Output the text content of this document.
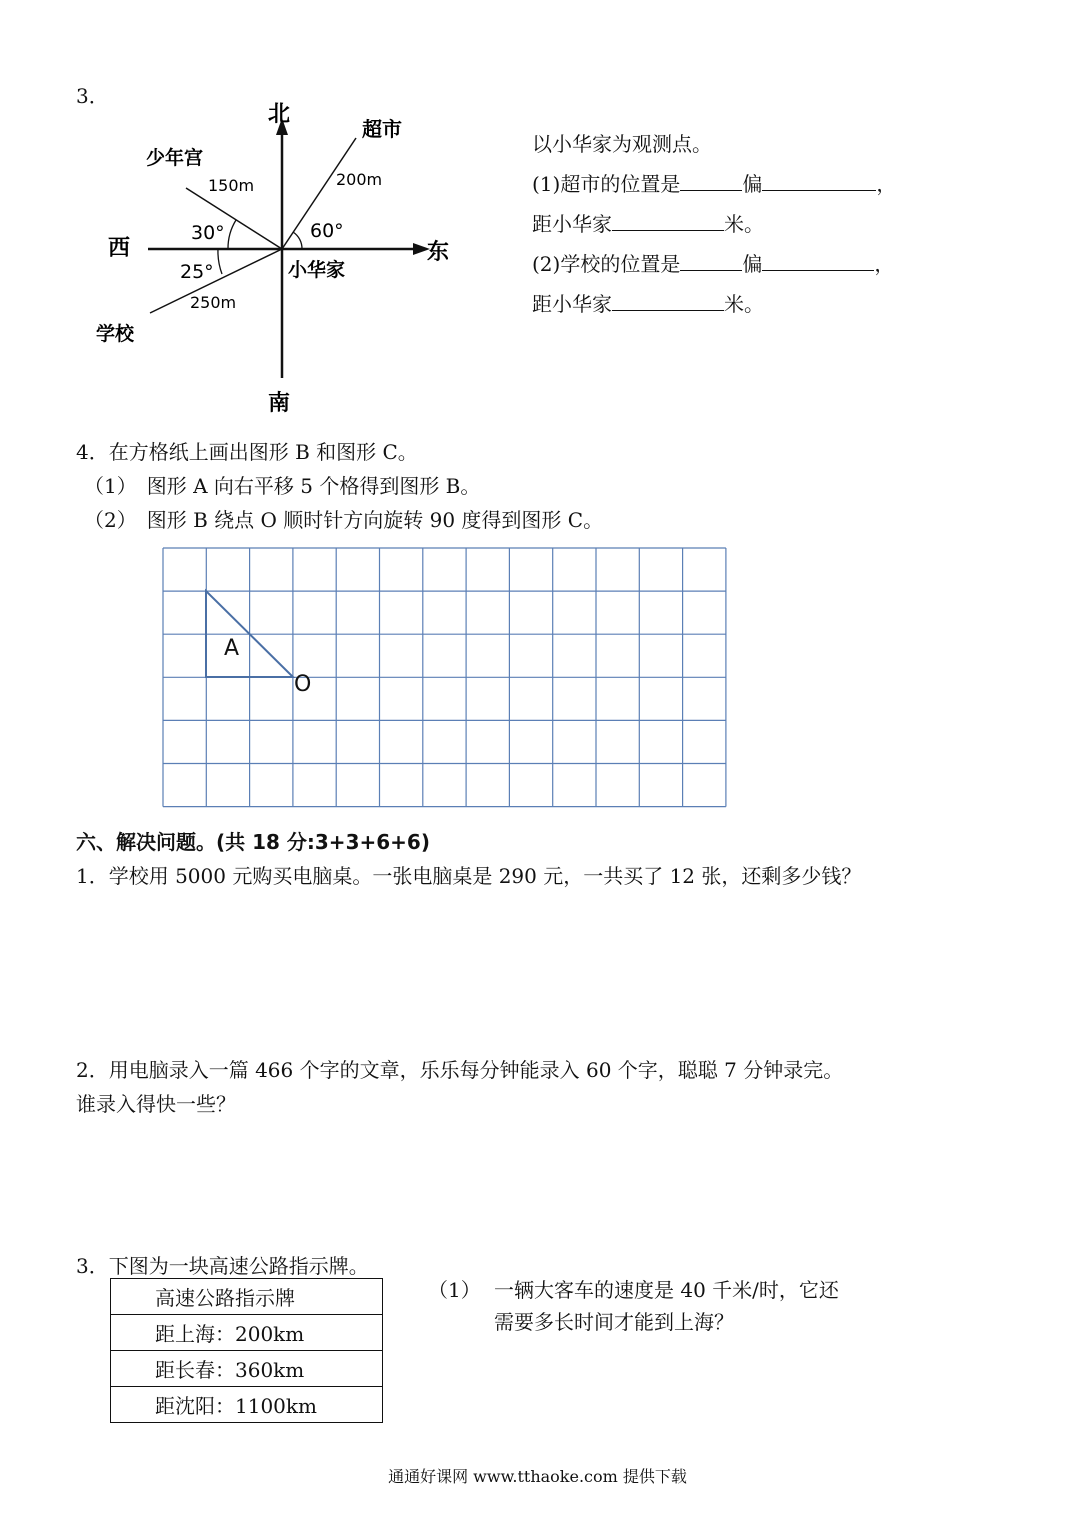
3．
北
南
东
西
超市
少年宫
学校
小华家
200m
150m
250m
60°
30°
25°
以小华家为观测点。
(1)超市的位置是	偏	，
距小华家	米。
(2)学校的位置是	偏	，
距小华家	米。
4．在方格纸上画出图形 B 和图形 C。
（1）　图形 A 向右平移 5 个格得到图形 B。
（2）　图形 B 绕点 O 顺时针方向旋转 90 度得到图形 C。
A
O
六、解决问题。(共 18 分:3+3+6+6)
1．学校用 5000 元购买电脑桌。一张电脑桌是 290 元，一共买了 12 张，还剩多少钱？
2．用电脑录入一篇 466 个字的文章，乐乐每分钟能录入 60 个字，聪聪 7 分钟录完。
谁录入得快一些？
3．下图为一块高速公路指示牌。
高速公路指示牌
距上海：200km
距长春：360km
距沈阳：1100km
（1） 一辆大客车的速度是 40 千米/时，它还
需要多长时间才能到上海？
通通好课网 www.tthaoke.com 提供下载
